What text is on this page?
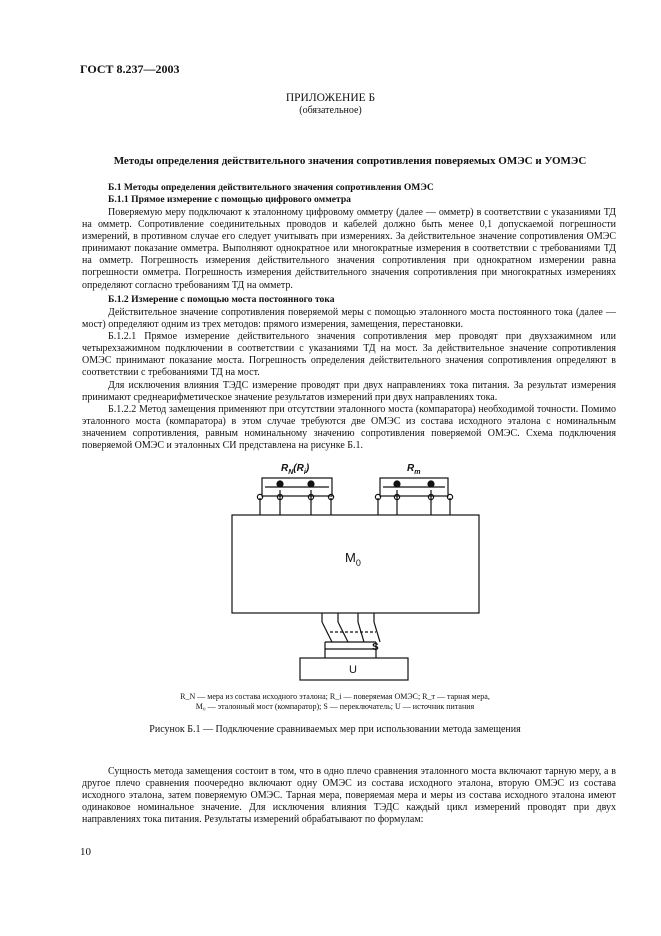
ГОСТ 8.237—2003
ПРИЛОЖЕНИЕ Б
(обязательное)
Методы определения действительного значения сопротивления поверяемых ОМЭС и УОМЭС
Б.1 Методы определения действительного значения сопротивления ОМЭС
Б.1.1 Прямое измерение с помощью цифрового омметра
Поверяемую меру подключают к эталонному цифровому омметру (далее — омметр) в соответствии с указаниями ТД на омметр. Сопротивление соединительных проводов и кабелей должно быть менее 0,1 допускаемой погрешности измерений, в противном случае его следует учитывать при измерениях. За действительное значение сопротивления ОМЭС принимают показание омметра. Выполняют однократное или многократные измерения в соответствии с требованиями ТД на омметр. Погрешность измерения действительного значения сопротивления при однократном измерении равна погрешности омметра. Погрешность измерения действительного значения сопротивления при многократных измерениях определяют согласно требованиям ТД на омметр.
Б.1.2 Измерение с помощью моста постоянного тока
Действительное значение сопротивления поверяемой меры с помощью эталонного моста постоянного тока (далее — мост) определяют одним из трех методов: прямого измерения, замещения, перестановки.
Б.1.2.1 Прямое измерение действительного значения сопротивления мер проводят при двухзажимном или четырехзажимном подключении в соответствии с указаниями ТД на мост. За действительное значение сопротивления ОМЭС принимают показание моста. Погрешность определения действительного значения сопротивления определяют в соответствии с требованиями ТД на мост.
Для исключения влияния ТЭДС измерение проводят при двух направлениях тока питания. За результат измерения принимают среднеарифметическое значение результатов измерений при двух направлениях тока.
Б.1.2.2 Метод замещения применяют при отсутствии эталонного моста (компаратора) необходимой точности. Помимо эталонного моста (компаратора) в этом случае требуются две ОМЭС из состава исходного эталона с номинальным значением сопротивления, равным номинальному значению сопротивления поверяемой ОМЭС. Схема подключения поверяемой ОМЭС и эталонных СИ представлена на рисунке Б.1.
$R_N(R_i)$	$R_т$
$M_0$
S
U
R_N — мера из состава исходного эталона; R_i — поверяемая ОМЭС; R_т — тарная мера,
M₀ — эталонный мост (компаратор); S — переключатель; U — источник питания
Рисунок Б.1 — Подключение сравниваемых мер при использовании метода замещения
Сущность метода замещения состоит в том, что в одно плечо сравнения эталонного моста включают тарную меру, а в другое плечо сравнения поочередно включают одну ОМЭС из состава исходного эталона, вторую ОМЭС из состава исходного эталона, затем поверяемую ОМЭС. Тарная мера, поверяемая мера и меры из состава исходного эталона имеют одинаковое номинальное значение. Для исключения влияния ТЭДС каждый цикл измерений проводят при двух направлениях тока питания. Результаты измерений обрабатывают по формулам:
10
